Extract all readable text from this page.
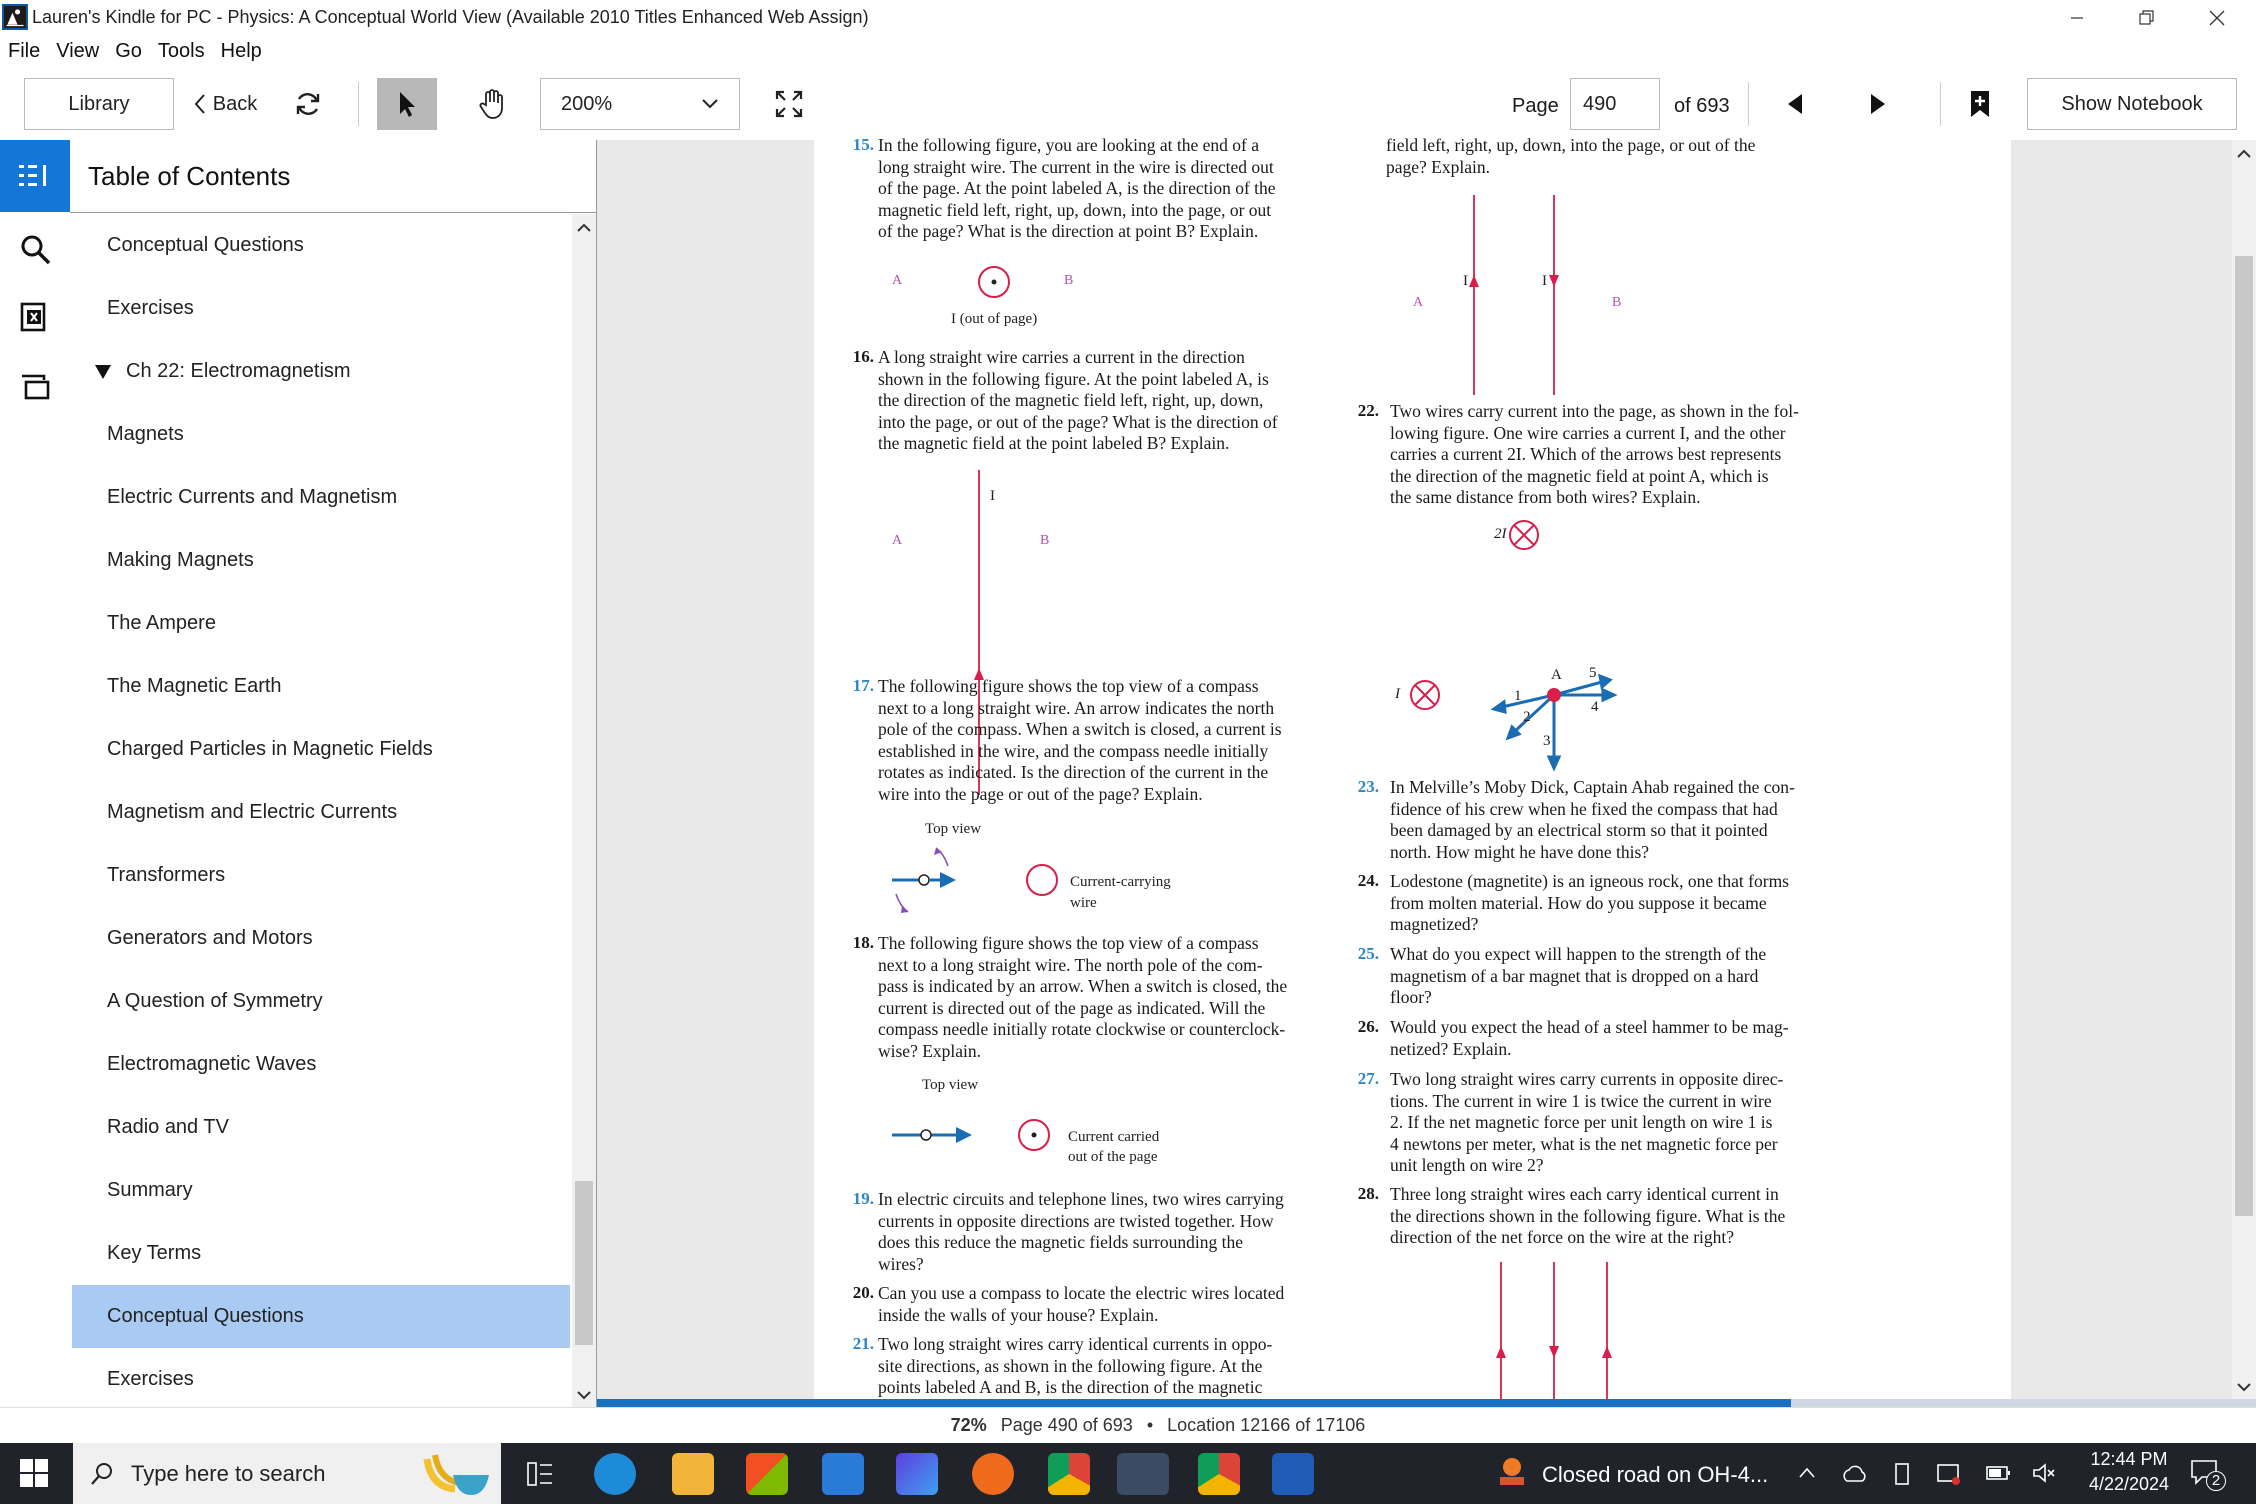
Lauren's Kindle for PC - Physics: A Conceptual World View (Available 2010 Titles Enhanced Web Assign)
File View Go Tools Help
Library	Back	200%	Page	490	of 693	Show Notebook
Table of Contents
Conceptual Questions
Exercises
Ch 22: Electromagnetism
Magnets
Electric Currents and Magnetism
Making Magnets
The Ampere
The Magnetic Earth
Charged Particles in Magnetic Fields
Magnetism and Electric Currents
Transformers
Generators and Motors
A Question of Symmetry
Electromagnetic Waves
Radio and TV
Summary
Key Terms
Conceptual Questions
Exercises
15. In the following figure, you are looking at the end of a
long straight wire. The current in the wire is directed out
of the page. At the point labeled A, is the direction of the
magnetic field left, right, up, down, into the page, or out
of the page? What is the direction at point B? Explain.
A	B
I (out of page)
16. A long straight wire carries a current in the direction
shown in the following figure. At the point labeled A, is
the direction of the magnetic field left, right, up, down,
into the page, or out of the page? What is the direction of
the magnetic field at the point labeled B? Explain.
I
A	B
17. The following figure shows the top view of a compass
next to a long straight wire. An arrow indicates the north
pole of the compass. When a switch is closed, a current is
established in the wire, and the compass needle initially
rotates as indicated. Is the direction of the current in the
wire into the page or out of the page? Explain.
Top view
Current-carrying
wire
18. The following figure shows the top view of a compass
next to a long straight wire. The north pole of the com-
pass is indicated by an arrow. When a switch is closed, the
current is directed out of the page as indicated. Will the
compass needle initially rotate clockwise or counterclock-
wise? Explain.
Top view
Current carried
out of the page
19. In electric circuits and telephone lines, two wires carrying
currents in opposite directions are twisted together. How
does this reduce the magnetic fields surrounding the
wires?
20. Can you use a compass to locate the electric wires located
inside the walls of your house? Explain.
21. Two long straight wires carry identical currents in oppo-
site directions, as shown in the following figure. At the
points labeled A and B, is the direction of the magnetic
field left, right, up, down, into the page, or out of the
page? Explain.
I	I
A	B
22. Two wires carry current into the page, as shown in the fol-
lowing figure. One wire carries a current I, and the other
carries a current 2I. Which of the arrows best represents
the direction of the magnetic field at point A, which is
the same distance from both wires? Explain.
2I
I
A
1
2
3
4
5
23. In Melville’s Moby Dick, Captain Ahab regained the con-
fidence of his crew when he fixed the compass that had
been damaged by an electrical storm so that it pointed
north. How might he have done this?
24. Lodestone (magnetite) is an igneous rock, one that forms
from molten material. How do you suppose it became
magnetized?
25. What do you expect will happen to the strength of the
magnetism of a bar magnet that is dropped on a hard
floor?
26. Would you expect the head of a steel hammer to be mag-
netized? Explain.
27. Two long straight wires carry currents in opposite direc-
tions. The current in wire 1 is twice the current in wire
2. If the net magnetic force per unit length on wire 1 is
4 newtons per meter, what is the net magnetic force per
unit length on wire 2?
28. Three long straight wires each carry identical current in
the directions shown in the following figure. What is the
direction of the net force on the wire at the right?
72% Page 490 of 693 • Location 12166 of 17106
Type here to search	Closed road on OH-4...
12:44 PM
4/22/2024	2
